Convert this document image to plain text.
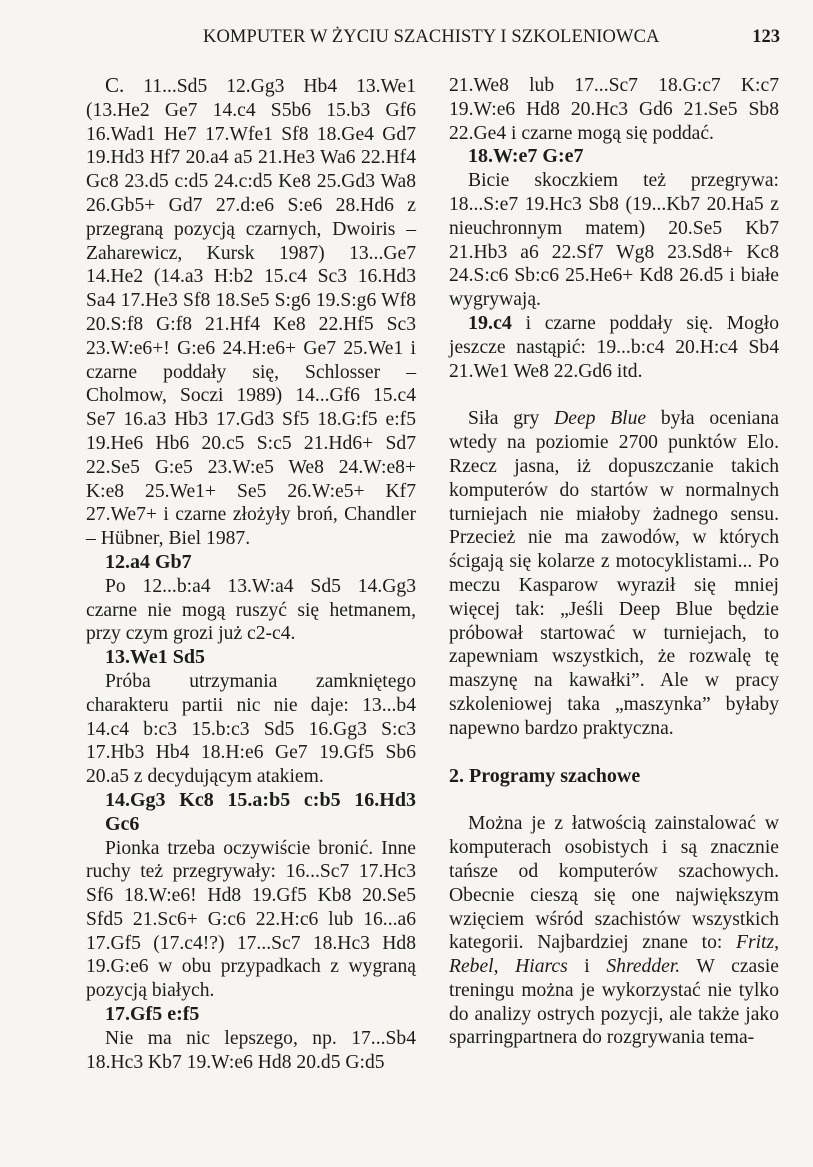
KOMPUTER W ŻYCIU SZACHISTY I SZKOLENIOWCA	123

C. 11...Sd5 12.Gg3 Hb4 13.We1 (13.He2 Ge7 14.c4 S5b6 15.b3 Gf6 16.Wad1 He7 17.Wfe1 Sf8 18.Ge4 Gd7 19.Hd3 Hf7 20.a4 a5 21.He3 Wa6 22.Hf4 Gc8 23.d5 c:d5 24.c:d5 Ke8 25.Gd3 Wa8 26.Gb5+ Gd7 27.d:e6 S:e6 28.Hd6 z przegraną pozycją czarnych, Dwoiris – Zaharewicz, Kursk 1987) 13...Ge7 14.He2 (14.a3 H:b2 15.c4 Sc3 16.Hd3 Sa4 17.He3 Sf8 18.Se5 S:g6 19.S:g6 Wf8 20.S:f8 G:f8 21.Hf4 Ke8 22.Hf5 Sc3 23.W:e6+! G:e6 24.H:e6+ Ge7 25.We1 i czarne poddały się, Schlosser – Cholmow, Soczi 1989) 14...Gf6 15.c4 Se7 16.a3 Hb3 17.Gd3 Sf5 18.G:f5 e:f5 19.He6 Hb6 20.c5 S:c5 21.Hd6+ Sd7 22.Se5 G:e5 23.W:e5 We8 24.W:e8+ K:e8 25.We1+ Se5 26.W:e5+ Kf7 27.We7+ i czarne złożyły broń, Chandler – Hübner, Biel 1987.

12.a4 Gb7

Po 12...b:a4 13.W:a4 Sd5 14.Gg3 czarne nie mogą ruszyć się hetmanem, przy czym grozi już c2-c4.

13.We1 Sd5

Próba utrzymania zamkniętego charakteru partii nic nie daje: 13...b4 14.c4 b:c3 15.b:c3 Sd5 16.Gg3 S:c3 17.Hb3 Hb4 18.H:e6 Ge7 19.Gf5 Sb6 20.a5 z decydującym atakiem.

14.Gg3 Kc8 15.a:b5 c:b5 16.Hd3 Gc6

Pionka trzeba oczywiście bronić. Inne ruchy też przegrywały: 16...Sc7 17.Hc3 Sf6 18.W:e6! Hd8 19.Gf5 Kb8 20.Se5 Sfd5 21.Sc6+ G:c6 22.H:c6 lub 16...a6 17.Gf5 (17.c4!?) 17...Sc7 18.Hc3 Hd8 19.G:e6 w obu przypadkach z wygraną pozycją białych.

17.Gf5 e:f5

Nie ma nic lepszego, np. 17...Sb4 18.Hc3 Kb7 19.W:e6 Hd8 20.d5 G:d5

21.We8 lub 17...Sc7 18.G:c7 K:c7 19.W:e6 Hd8 20.Hc3 Gd6 21.Se5 Sb8 22.Ge4 i czarne mogą się poddać.

18.W:e7 G:e7

Bicie skoczkiem też przegrywa: 18...S:e7 19.Hc3 Sb8 (19...Kb7 20.Ha5 z nieuchronnym matem) 20.Se5 Kb7 21.Hb3 a6 22.Sf7 Wg8 23.Sd8+ Kc8 24.S:c6 Sb:c6 25.He6+ Kd8 26.d5 i białe wygrywają.

19.c4 i czarne poddały się. Mogło jeszcze nastąpić: 19...b:c4 20.H:c4 Sb4 21.We1 We8 22.Gd6 itd.

Siła gry Deep Blue była oceniana wtedy na poziomie 2700 punktów Elo. Rzecz jasna, iż dopuszczanie takich komputerów do startów w normalnych turniejach nie miałoby żadnego sensu. Przecież nie ma zawodów, w których ścigają się kolarze z motocyklistami... Po meczu Kasparow wyraził się mniej więcej tak: „Jeśli Deep Blue będzie próbował startować w turniejach, to zapewniam wszystkich, że rozwalę tę maszynę na kawałki”. Ale w pracy szkoleniowej taka „maszynka” byłaby napewno bardzo praktyczna.

2. Programy szachowe

Można je z łatwością zainstalować w komputerach osobistych i są znacznie tańsze od komputerów szachowych. Obecnie cieszą się one największym wzięciem wśród szachistów wszystkich kategorii. Najbardziej znane to: Fritz, Rebel, Hiarcs i Shredder. W czasie treningu można je wykorzystać nie tylko do analizy ostrych pozycji, ale także jako sparringpartnera do rozgrywania tema-
